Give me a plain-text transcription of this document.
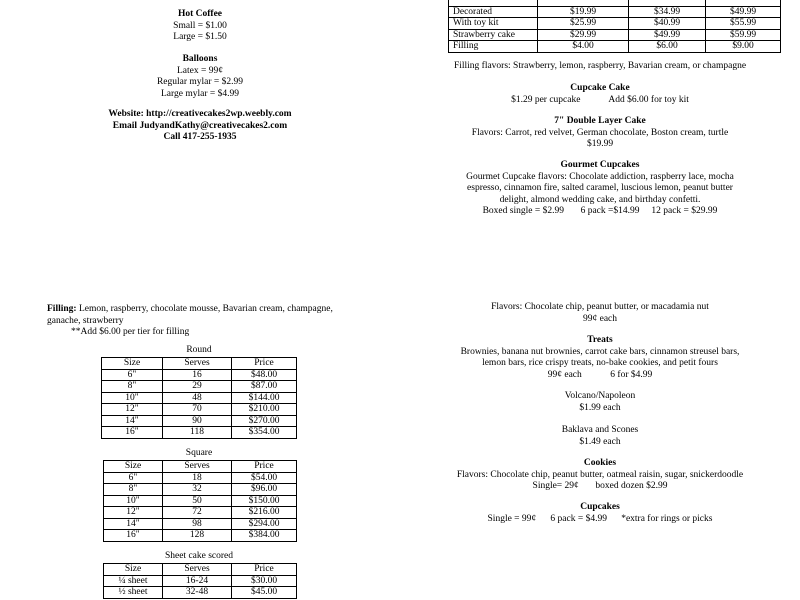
Hot Coffee
Small = $1.00
Large = $1.50
Balloons
Latex = 99¢
Regular mylar = $2.99
Large mylar = $4.99
Website: http://creativecakes2wp.weebly.com
Email JudyandKathy@creativecakes2.com
Call 417-255-1935

Decorated	$19.99	$34.99	$49.99
With toy kit	$25.99	$40.99	$55.99
Strawberry cake	$29.99	$49.99	$59.99
Filling	$4.00	$6.00	$9.00
Filling flavors: Strawberry, lemon, raspberry, Bavarian cream, or champagne
Cupcake Cake
$1.29 per cupcake            Add $6.00 for toy kit
7" Double Layer Cake
Flavors: Carrot, red velvet, German chocolate, Boston cream, turtle
$19.99
Gourmet Cupcakes
Gourmet Cupcake flavors: Chocolate addiction, raspberry lace, mocha
espresso, cinnamon fire, salted caramel, luscious lemon, peanut butter
delight, almond wedding cake, and birthday confetti.
Boxed single = $2.99       6 pack =$14.99     12 pack = $29.99
Filling: Lemon, raspberry, chocolate mousse, Bavarian cream, champagne,
ganache, strawberry
**Add $6.00 per tier for filling
Round
Size	Serves	Price
6"	16	$48.00
8"	29	$87.00
10"	48	$144.00
12"	70	$210.00
14"	90	$270.00
16"	118	$354.00
Square
Size	Serves	Price
6"	18	$54.00
8"	32	$96.00
10"	50	$150.00
12"	72	$216.00
14"	98	$294.00
16"	128	$384.00
Sheet cake scored
Size	Serves	Price
¼ sheet	16-24	$30.00
½ sheet	32-48	$45.00
Flavors: Chocolate chip, peanut butter, or macadamia nut
99¢ each
Treats
Brownies, banana nut brownies, carrot cake bars, cinnamon streusel bars,
lemon bars, rice crispy treats, no-bake cookies, and petit fours
99¢ each            6 for $4.99
Volcano/Napoleon
$1.99 each
Baklava and Scones
$1.49 each
Cookies
Flavors: Chocolate chip, peanut butter, oatmeal raisin, sugar, snickerdoodle
Single= 29¢       boxed dozen $2.99
Cupcakes
Single = 99¢      6 pack = $4.99      *extra for rings or picks
